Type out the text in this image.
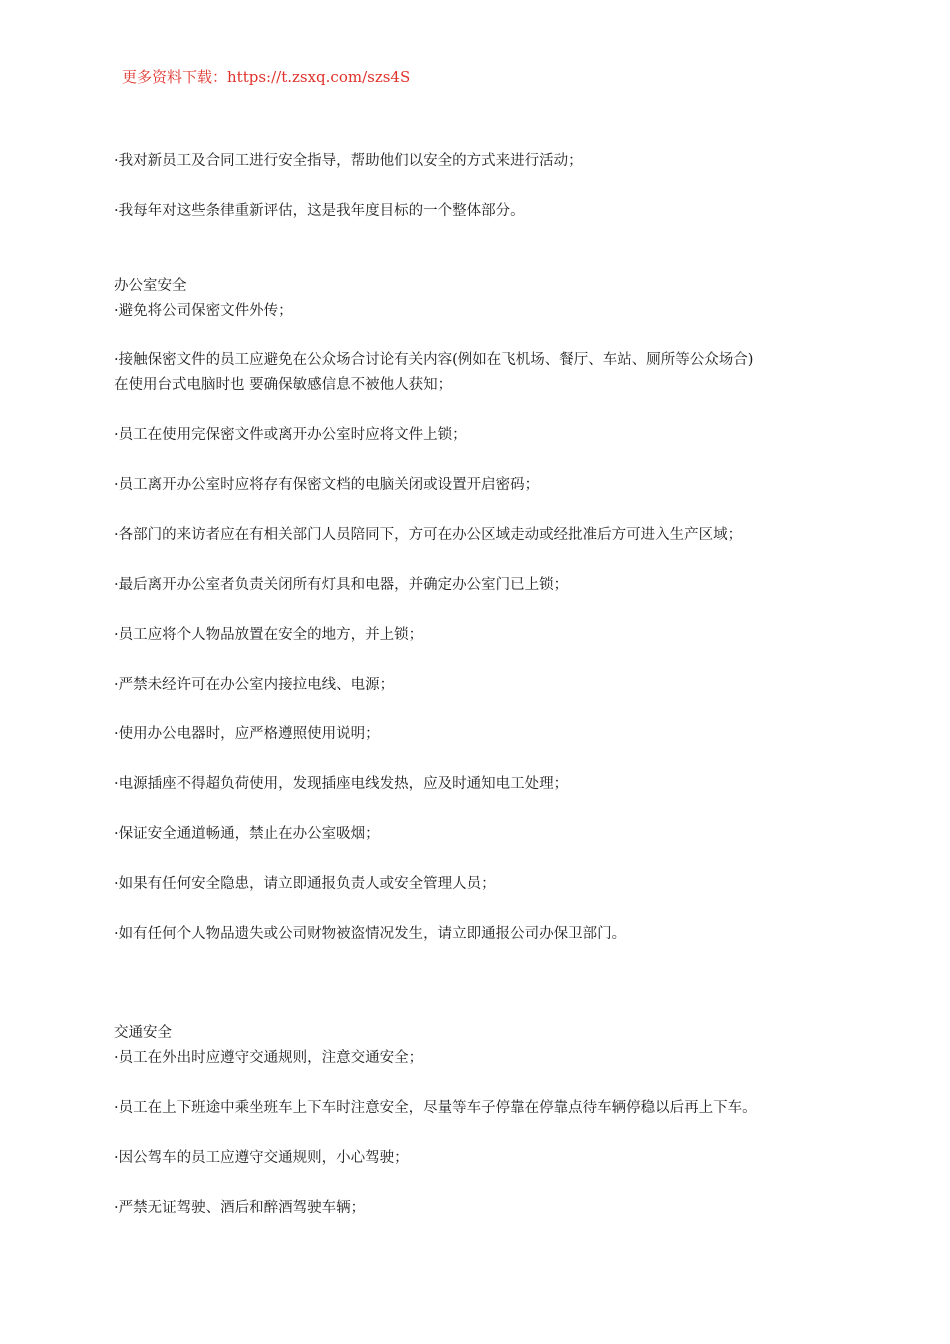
更多资料下载：https://t.zsxq.com/szs4S
·我对新员工及合同工进行安全指导，帮助他们以安全的方式来进行活动；
·我每年对这些条律重新评估，这是我年度目标的一个整体部分。
办公室安全
·避免将公司保密文件外传；
·接触保密文件的员工应避免在公众场合讨论有关内容(例如在飞机场、餐厅、车站、厕所等公众场合)
在使用台式电脑时也 要确保敏感信息不被他人获知；
·员工在使用完保密文件或离开办公室时应将文件上锁；
·员工离开办公室时应将存有保密文档的电脑关闭或设置开启密码；
·各部门的来访者应在有相关部门人员陪同下，方可在办公区域走动或经批准后方可进入生产区域；
·最后离开办公室者负责关闭所有灯具和电器，并确定办公室门已上锁；
·员工应将个人物品放置在安全的地方，并上锁；
·严禁未经许可在办公室内接拉电线、电源；
·使用办公电器时，应严格遵照使用说明；
·电源插座不得超负荷使用，发现插座电线发热，应及时通知电工处理；
·保证安全通道畅通，禁止在办公室吸烟；
·如果有任何安全隐患，请立即通报负责人或安全管理人员；
·如有任何个人物品遗失或公司财物被盗情况发生，请立即通报公司办保卫部门。
交通安全
·员工在外出时应遵守交通规则，注意交通安全；
·员工在上下班途中乘坐班车上下车时注意安全，尽量等车子停靠在停靠点待车辆停稳以后再上下车。
·因公驾车的员工应遵守交通规则，小心驾驶；
·严禁无证驾驶、酒后和醉酒驾驶车辆；
